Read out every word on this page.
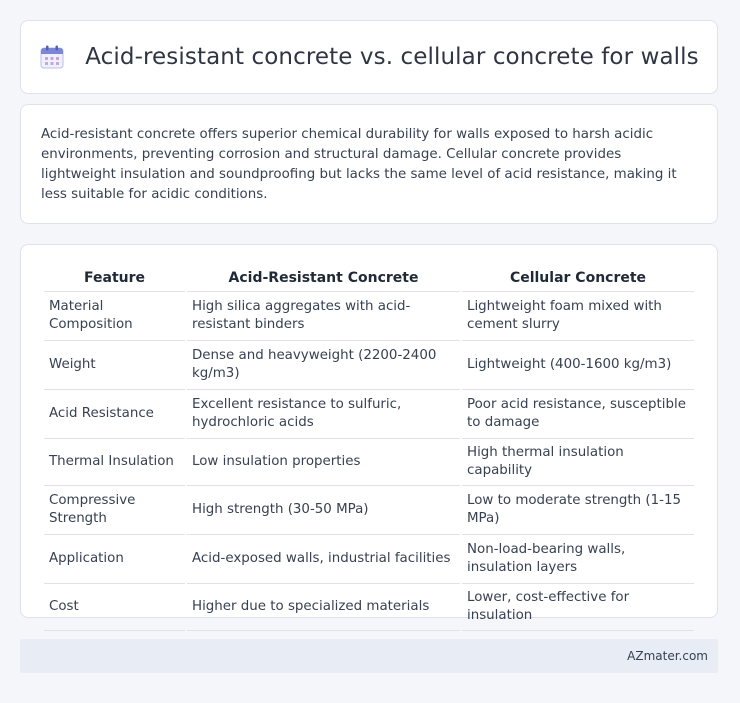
Acid-resistant concrete vs. cellular concrete for walls

Acid-resistant concrete offers superior chemical durability for walls exposed to harsh acidic environments, preventing corrosion and structural damage. Cellular concrete provides lightweight insulation and soundproofing but lacks the same level of acid resistance, making it less suitable for acidic conditions.

Feature	Acid-Resistant Concrete	Cellular Concrete
Material Composition	High silica aggregates with acid-resistant binders	Lightweight foam mixed with cement slurry
Weight	Dense and heavyweight (2200-2400 kg/m3)	Lightweight (400-1600 kg/m3)
Acid Resistance	Excellent resistance to sulfuric, hydrochloric acids	Poor acid resistance, susceptible to damage
Thermal Insulation	Low insulation properties	High thermal insulation capability
Compressive Strength	High strength (30-50 MPa)	Low to moderate strength (1-15 MPa)
Application	Acid-exposed walls, industrial facilities	Non-load-bearing walls, insulation layers
Cost	Higher due to specialized materials	Lower, cost-effective for insulation
AZmater.com
